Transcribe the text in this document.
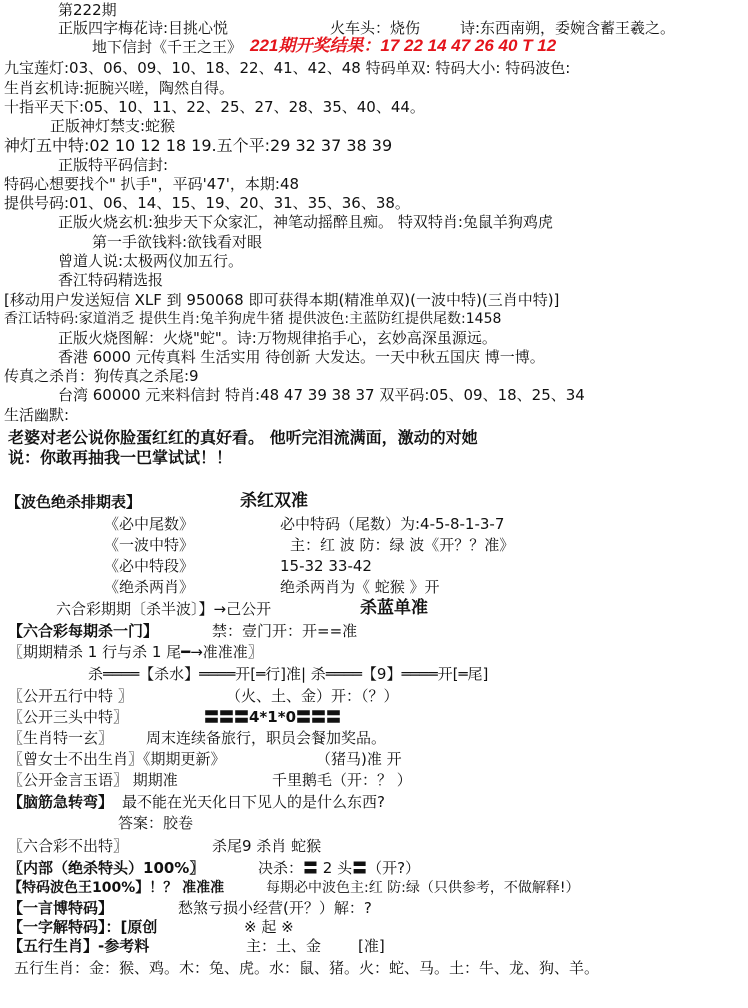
第222期
正版四字梅花诗:目挑心悦	火车头：烧伤	诗:东西南朔，委婉含蓄王羲之。
地下信封《千王之王》 221期开奖结果：17 22 14 47 26 40 T 12
九宝莲灯:03、06、09、10、18、22、41、42、48 特码单双: 特码大小: 特码波色:
生肖玄机诗:扼腕兴嗟，陶然自得。
十指平天下:05、10、11、22、25、27、28、35、40、44。
正版神灯禁支:蛇猴
神灯五中特:02 10 12 18 19.五个平:29 32 37 38 39
正版特平码信封:
特码心想要找个" 扒手"，平码'47'，本期:48
提供号码:01、06、14、15、19、20、31、35、36、38。
正版火烧玄机:独步天下众家汇，神笔动摇醉且痴。 特双特肖:兔鼠羊狗鸡虎
第一手欲钱料:欲钱看对眼
曾道人说:太极两仪加五行。
香江特码精选报
[移动用户发送短信 XLF 到 950068 即可获得本期(精准单双)(一波中特)(三肖中特)]
香江话特码:家道消乏 提供生肖:兔羊狗虎牛猪 提供波色:主蓝防红提供尾数:1458
正版火烧图解：火烧"蛇"。诗:万物规律掐手心，玄妙高深虽源远。
香港 6000 元传真料 生活实用 待创新 大发达。一天中秋五国庆 博一博。
传真之杀肖：狗传真之杀尾:9
台湾 60000 元来料信封 特肖:48 47 39 38 37 双平码:05、09、18、25、34
生活幽默:
老婆对老公说你脸蛋红红的真好看。 他听完泪流满面，激动的对她
说：你敢再抽我一巴掌试试！！
【波色绝杀排期表】	杀红双准
《必中尾数》	必中特码（尾数）为:4-5-8-1-3-7
《一波中特》	主：红 波 防：绿 波《开？？准》
《必中特段》	15-32 33-42
《绝杀两肖》	绝杀两肖为《 蛇猴 》开
六合彩期期〔杀半波〕】→己公开	杀蓝单准
【六合彩每期杀一门】	禁：壹门开：开==准
〖期期精杀 1 行与杀 1 尾━→准准准〗
杀════【杀水】════开[═行]准| 杀════【9】════开[═尾]
〖公开五行中特 〗	（火、土、金）开：（？）
〖公开三头中特〗	〓〓〓4*1*0〓〓〓
〖生肖特一玄〗 周末连续备旅行，职员会餐加奖品。
〖曾女士不出生肖〗《期期更新》	（猪马)准 开
〖公开金言玉语〗 期期准	千里鹅毛（开：？ ）
【脑筋急转弯】 最不能在光天化日下见人的是什么东西?
答案：胶卷
〖六合彩不出特〗	杀尾9 杀肖 蛇猴
〖内部（绝杀特头）100%〗	决杀：〓 2 头〓（开?）
【特码波色王100%】！？ 准准准	每期必中波色主:红 防:绿（只供参考，不做解释!）
【一言博特码】	愁煞亏损小经营(开？）解：?
【一字解特码】：[原创	※ 起 ※
【五行生肖】-参考料	主：土、金 [准]
五行生肖：金：猴、鸡。木：兔、虎。水：鼠、猪。火：蛇、马。土：牛、龙、狗、羊。
